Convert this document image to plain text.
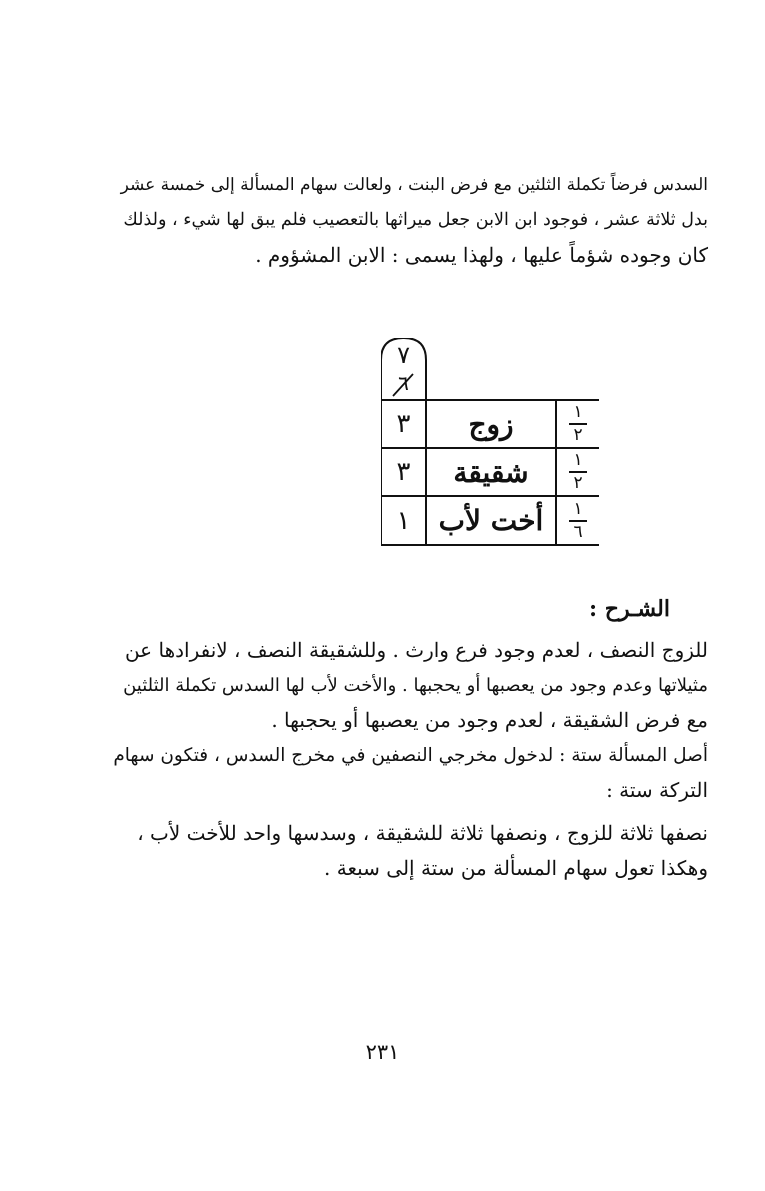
السدس فرضاً تكملة الثلثين مع فرض البنت ، ولعالت سهام المسألة إلى خمسة عشر
بدل ثلاثة عشر ، فوجود ابن الابن جعل ميراثها بالتعصيب فلم يبق لها شيء ، ولذلك
كان وجوده شؤماً عليها ، ولهذا يسمى : الابن المشؤوم .
٧
٦
٣	زوج	$\frac{١}{٢}$
٣	شقيقة	$\frac{١}{٢}$
١	أخت لأب	$\frac{١}{٦}$
الشـرح :
للزوج النصف ، لعدم وجود فرع وارث . وللشقيقة النصف ، لانفرادها عن
مثيلاتها وعدم وجود من يعصبها أو يحجبها . والأخت لأب لها السدس تكملة الثلثين
مع فرض الشقيقة ، لعدم وجود من يعصبها أو يحجبها .
أصل المسألة ستة : لدخول مخرجي النصفين في مخرج السدس ، فتكون سهام
التركة ستة :
نصفها ثلاثة للزوج ، ونصفها ثلاثة للشقيقة ، وسدسها واحد للأخت لأب ،
وهكذا تعول سهام المسألة من ستة إلى سبعة .
٢٣١
